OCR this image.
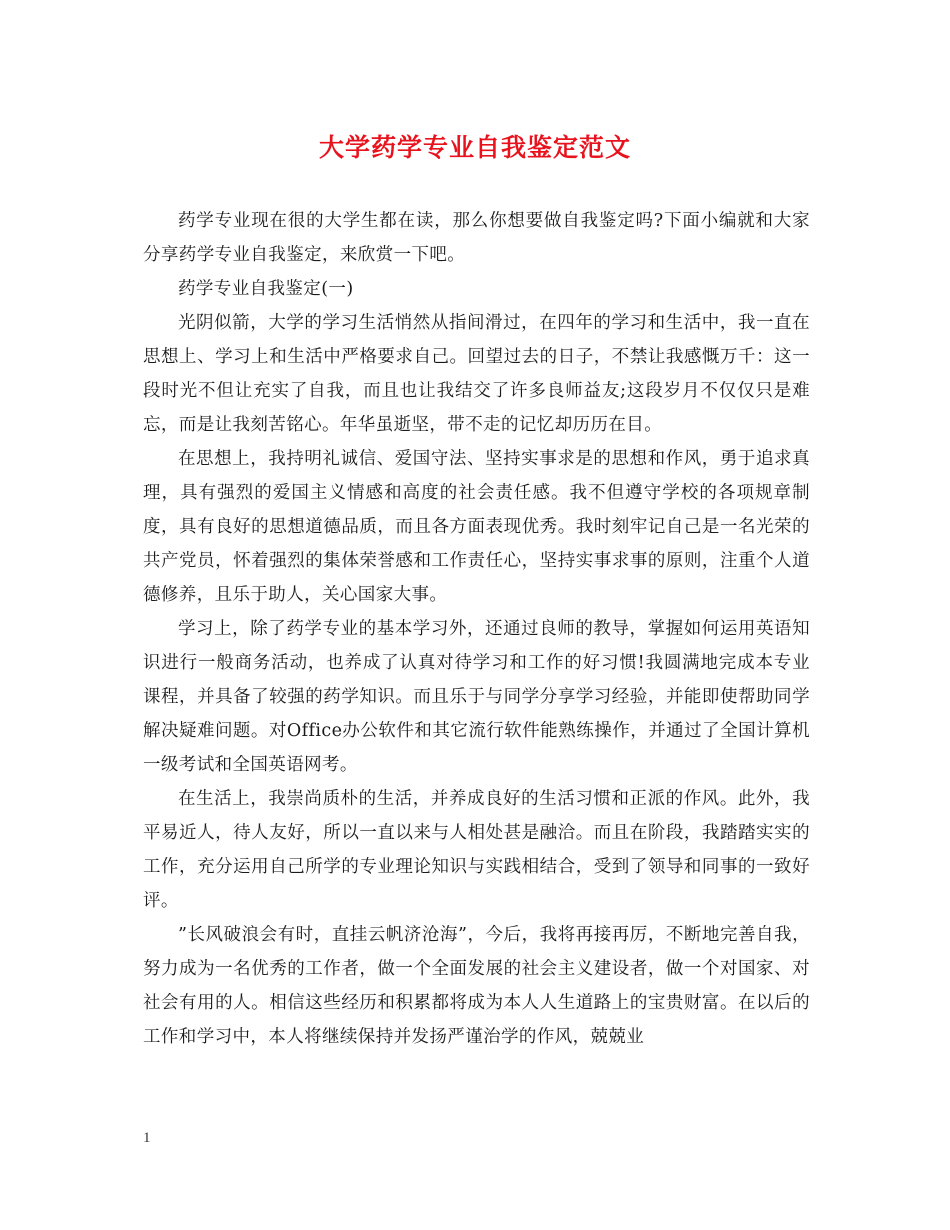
大学药学专业自我鉴定范文

药学专业现在很的大学生都在读，那么你想要做自我鉴定吗?下面小编就和大家分享药学专业自我鉴定，来欣赏一下吧。

药学专业自我鉴定(一)

光阴似箭，大学的学习生活悄然从指间滑过，在四年的学习和生活中，我一直在思想上、学习上和生活中严格要求自己。回望过去的日子，不禁让我感慨万千：这一段时光不但让充实了自我，而且也让我结交了许多良师益友;这段岁月不仅仅只是难忘，而是让我刻苦铭心。年华虽逝坚，带不走的记忆却历历在目。

在思想上，我持明礼诚信、爱国守法、坚持实事求是的思想和作风，勇于追求真理，具有强烈的爱国主义情感和高度的社会责任感。我不但遵守学校的各项规章制度，具有良好的思想道德品质，而且各方面表现优秀。我时刻牢记自己是一名光荣的共产党员，怀着强烈的集体荣誉感和工作责任心，坚持实事求事的原则，注重个人道德修养，且乐于助人，关心国家大事。

学习上，除了药学专业的基本学习外，还通过良师的教导，掌握如何运用英语知识进行一般商务活动，也养成了认真对待学习和工作的好习惯!我圆满地完成本专业课程，并具备了较强的药学知识。而且乐于与同学分享学习经验，并能即使帮助同学解决疑难问题。对Office办公软件和其它流行软件能熟练操作，并通过了全国计算机一级考试和全国英语网考。

在生活上，我崇尚质朴的生活，并养成良好的生活习惯和正派的作风。此外，我平易近人，待人友好，所以一直以来与人相处甚是融洽。而且在阶段，我踏踏实实的工作，充分运用自己所学的专业理论知识与实践相结合，受到了领导和同事的一致好评。

”长风破浪会有时，直挂云帆济沧海”，今后，我将再接再厉，不断地完善自我，努力成为一名优秀的工作者，做一个全面发展的社会主义建设者，做一个对国家、对社会有用的人。相信这些经历和积累都将成为本人人生道路上的宝贵财富。在以后的工作和学习中，本人将继续保持并发扬严谨治学的作风，兢兢业

1
